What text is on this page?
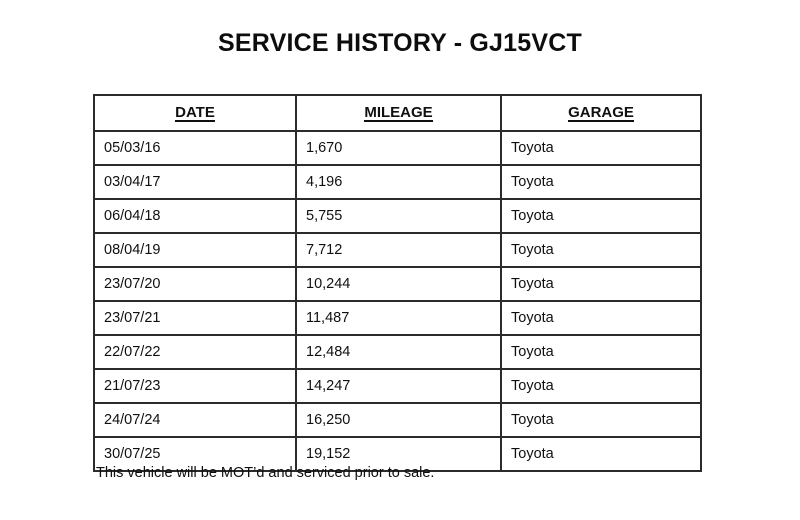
SERVICE HISTORY - GJ15VCT
DATE	MILEAGE	GARAGE
05/03/16	1,670	Toyota
03/04/17	4,196	Toyota
06/04/18	5,755	Toyota
08/04/19	7,712	Toyota
23/07/20	10,244	Toyota
23/07/21	11,487	Toyota
22/07/22	12,484	Toyota
21/07/23	14,247	Toyota
24/07/24	16,250	Toyota
30/07/25	19,152	Toyota
This vehicle will be MOT’d and serviced prior to sale.
